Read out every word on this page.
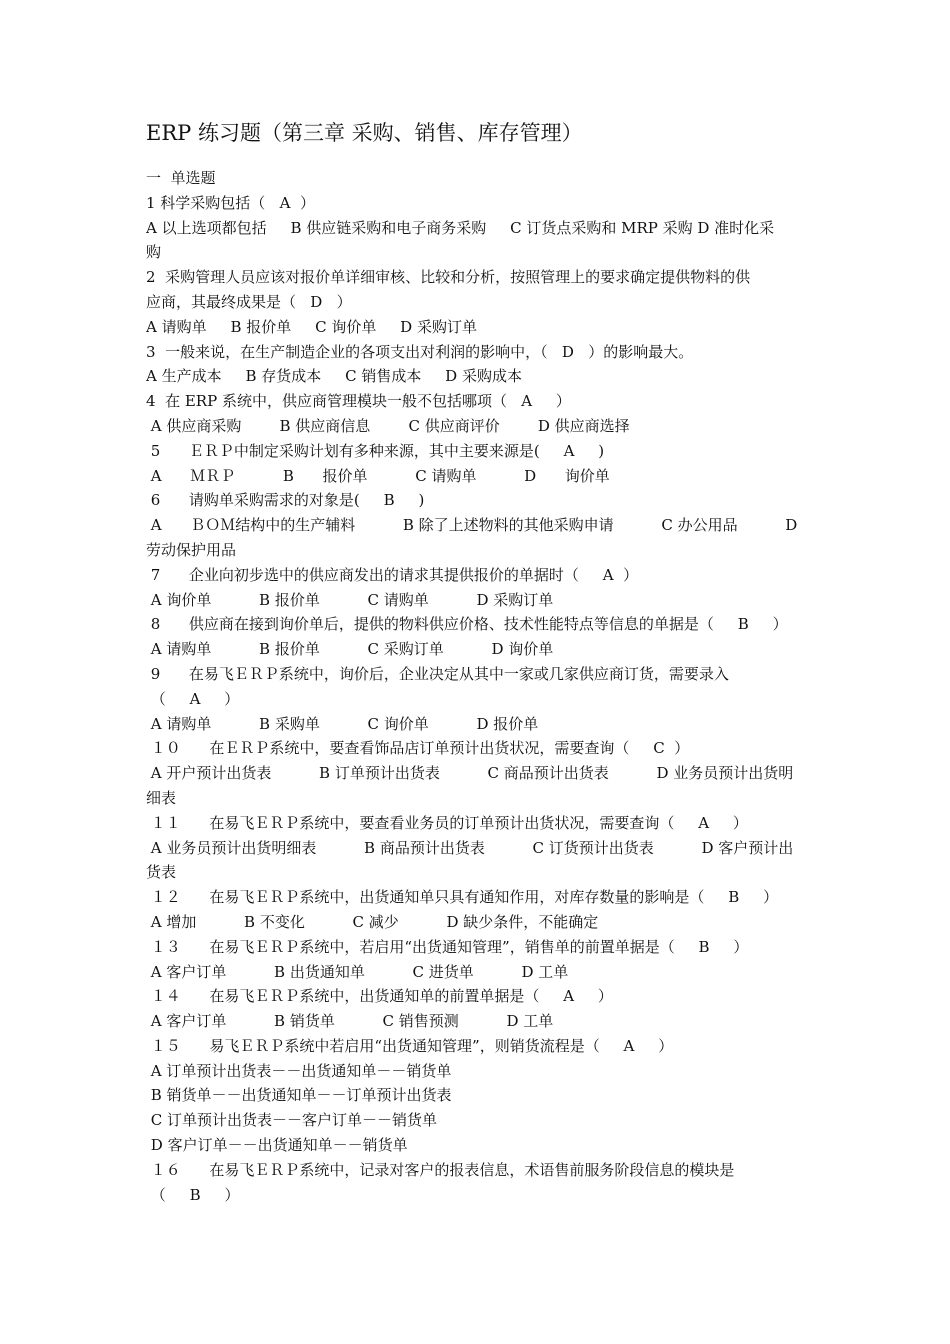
ERP 练习题（第三章 采购、销售、库存管理）
一  单选题
1 科学采购包括（   A  ）
A 以上选项都包括     B 供应链采购和电子商务采购     C 订货点采购和 MRP 采购 D 准时化采
购
2  采购管理人员应该对报价单详细审核、比较和分析，按照管理上的要求确定提供物料的供
应商，其最终成果是（   D   ）
A 请购单     B 报价单     C 询价单     D 采购订单
3  一般来说，在生产制造企业的各项支出对利润的影响中，（   D   ）的影响最大。
A 生产成本     B 存货成本     C 销售成本     D 采购成本
4  在 ERP 系统中，供应商管理模块一般不包括哪项（   A     ）
A 供应商采购        B 供应商信息        C 供应商评价        D 供应商选择
5      ＥＲＰ中制定采购计划有多种来源，其中主要来源是(     A     )
A      ＭＲＰ          B      报价单          C 请购单          D      询价单
6      请购单采购需求的对象是(     B     )
A      ＢＯＭ结构中的生产辅料          B 除了上述物料的其他采购申请          C 办公用品          D
劳动保护用品
7      企业向初步选中的供应商发出的请求其提供报价的单据时（     A  ）
A 询价单          B 报价单          C 请购单          D 采购订单
8      供应商在接到询价单后，提供的物料供应价格、技术性能特点等信息的单据是（     B     ）
A 请购单          B 报价单          C 采购订单          D 询价单
9      在易飞ＥＲＰ系统中，询价后，企业决定从其中一家或几家供应商订货，需要录入
（     A     ）
A 请购单          B 采购单          C 询价单          D 报价单
１０      在ＥＲＰ系统中，要查看饰品店订单预计出货状况，需要查询（     C  ）
A 开户预计出货表          B 订单预计出货表          C 商品预计出货表          D 业务员预计出货明
细表
１１      在易飞ＥＲＰ系统中，要查看业务员的订单预计出货状况，需要查询（     A     ）
A 业务员预计出货明细表          B 商品预计出货表          C 订货预计出货表          D 客户预计出
货表
１２      在易飞ＥＲＰ系统中，出货通知单只具有通知作用，对库存数量的影响是（     B     ）
A 增加          B 不变化          C 减少          D 缺少条件，不能确定
１３      在易飞ＥＲＰ系统中，若启用“出货通知管理”，销售单的前置单据是（     B     ）
A 客户订单          B 出货通知单          C 进货单          D 工单
１４      在易飞ＥＲＰ系统中，出货通知单的前置单据是（     A     ）
A 客户订单          B 销货单          C 销售预测          D 工单
１５      易飞ＥＲＰ系统中若启用“出货通知管理”，则销货流程是（     A     ）
A 订单预计出货表－－出货通知单－－销货单
B 销货单－－出货通知单－－订单预计出货表
C 订单预计出货表－－客户订单－－销货单
D 客户订单－－出货通知单－－销货单
１６      在易飞ＥＲＰ系统中，记录对客户的报表信息，术语售前服务阶段信息的模块是
（     B     ）
